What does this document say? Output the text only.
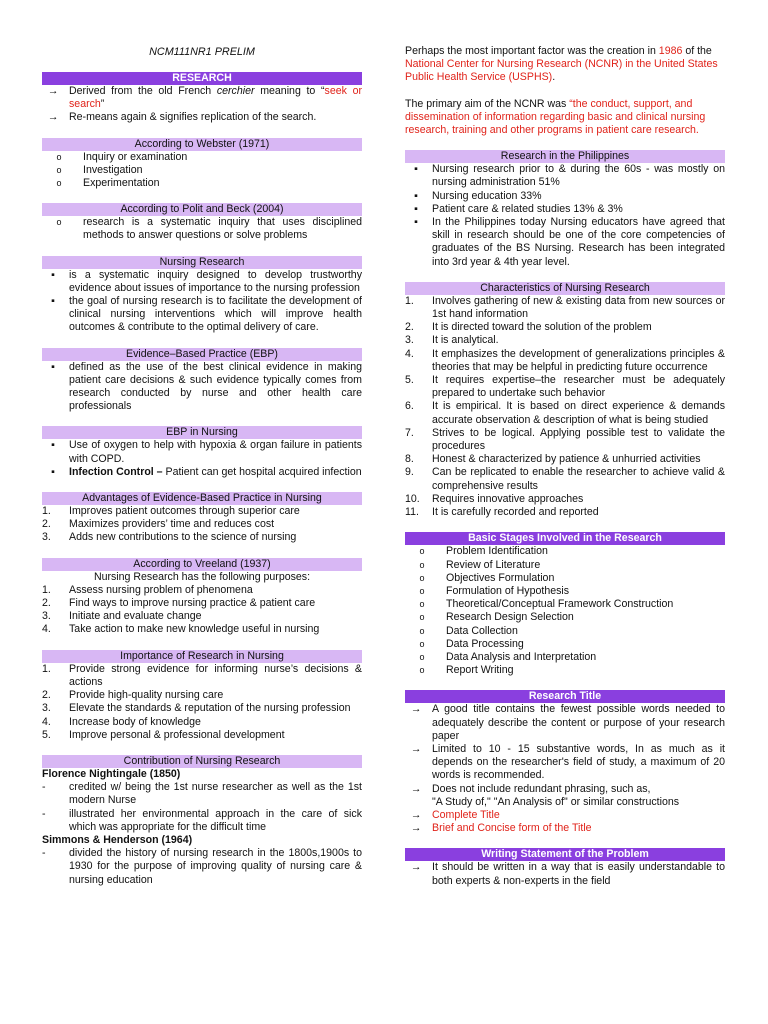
NCM111NR1 PRELIM
RESEARCH
→	Derived from the old French cerchier meaning to “seek or search”
→	Re-means again & signifies replication of the search.
According to Webster (1971)
o	Inquiry or examination
o	Investigation
o	Experimentation
According to Polit and Beck (2004)
o	research is a systematic inquiry that uses disciplined methods to answer questions or solve problems
Nursing Research
▪	is a systematic inquiry designed to develop trustworthy evidence about issues of importance to the nursing profession
▪	the goal of nursing research is to facilitate the development of clinical nursing interventions which will improve health outcomes & contribute to the optimal delivery of care.
Evidence–Based Practice (EBP)
▪	defined as the use of the best clinical evidence in making patient care decisions & such evidence typically comes from research conducted by nurse and other health care professionals
EBP in Nursing
▪	Use of oxygen to help with hypoxia & organ failure in patients with COPD.
▪	Infection Control – Patient can get hospital acquired infection
Advantages of Evidence-Based Practice in Nursing
1.	Improves patient outcomes through superior care
2.	Maximizes providers’ time and reduces cost
3.	Adds new contributions to the science of nursing
According to Vreeland (1937)

Nursing Research has the following purposes:

1.	Assess nursing problem of phenomena
2.	Find ways to improve nursing practice & patient care
3.	Initiate and evaluate change
4.	Take action to make new knowledge useful in nursing
Importance of Research in Nursing
1.	Provide strong evidence for informing nurse’s decisions & actions
2.	Provide high-quality nursing care
3.	Elevate the standards & reputation of the nursing profession
4.	Increase body of knowledge
5.	Improve personal & professional development
Contribution of Nursing Research

Florence Nightingale (1850)

-	credited w/ being the 1st nurse researcher as well as the 1st modern Nurse
-	illustrated her environmental approach in the care of sick which was appropriate for the difficult time

Simmons & Henderson (1964)

-	divided the history of nursing research in the 1800s,1900s to 1930 for the purpose of improving quality of nursing care & nursing education

Perhaps the most important factor was the creation in 1986 of the National Center for Nursing Research (NCNR) in the United States Public Health Service (USPHS).

The primary aim of the NCNR was “the conduct, support, and dissemination of information regarding basic and clinical nursing research, training and other programs in patient care research.

Research in the Philippines
▪	Nursing research prior to & during the 60s - was mostly on nursing administration 51%
▪	Nursing education 33%
▪	Patient care & related studies 13% & 3%
▪	In the Philippines today Nursing educators have agreed that skill in research should be one of the core competencies of graduates of the BS Nursing. Research has been integrated into 3rd year & 4th year level.
Characteristics of Nursing Research
1.	Involves gathering of new & existing data from new sources or 1st hand information
2.	It is directed toward the solution of the problem
3.	It is analytical.
4.	It emphasizes the development of generalizations principles & theories that may be helpful in predicting future occurrence
5.	It requires expertise–the researcher must be adequately prepared to undertake such behavior
6.	It is empirical. It is based on direct experience & demands accurate observation & description of what is being studied
7.	Strives to be logical. Applying possible test to validate the procedures
8.	Honest & characterized by patience & unhurried activities
9.	Can be replicated to enable the researcher to achieve valid & comprehensive results
10.	Requires innovative approaches
11.	It is carefully recorded and reported
Basic Stages Involved in the Research
o	Problem Identification
o	Review of Literature
o	Objectives Formulation
o	Formulation of Hypothesis
o	Theoretical/Conceptual Framework Construction
o	Research Design Selection
o	Data Collection
o	Data Processing
o	Data Analysis and Interpretation
o	Report Writing
Research Title
→	A good title contains the fewest possible words needed to adequately describe the content or purpose of your research paper
→	Limited to 10 - 15 substantive words, In as much as it depends on the researcher's field of study, a maximum of 20 words is recommended.
→	Does not include redundant phrasing, such as,
"A Study of," "An Analysis of" or similar constructions
→	Complete Title
→	Brief and Concise form of the Title
Writing Statement of the Problem
→	It should be written in a way that is easily understandable to both experts & non-experts in the field
